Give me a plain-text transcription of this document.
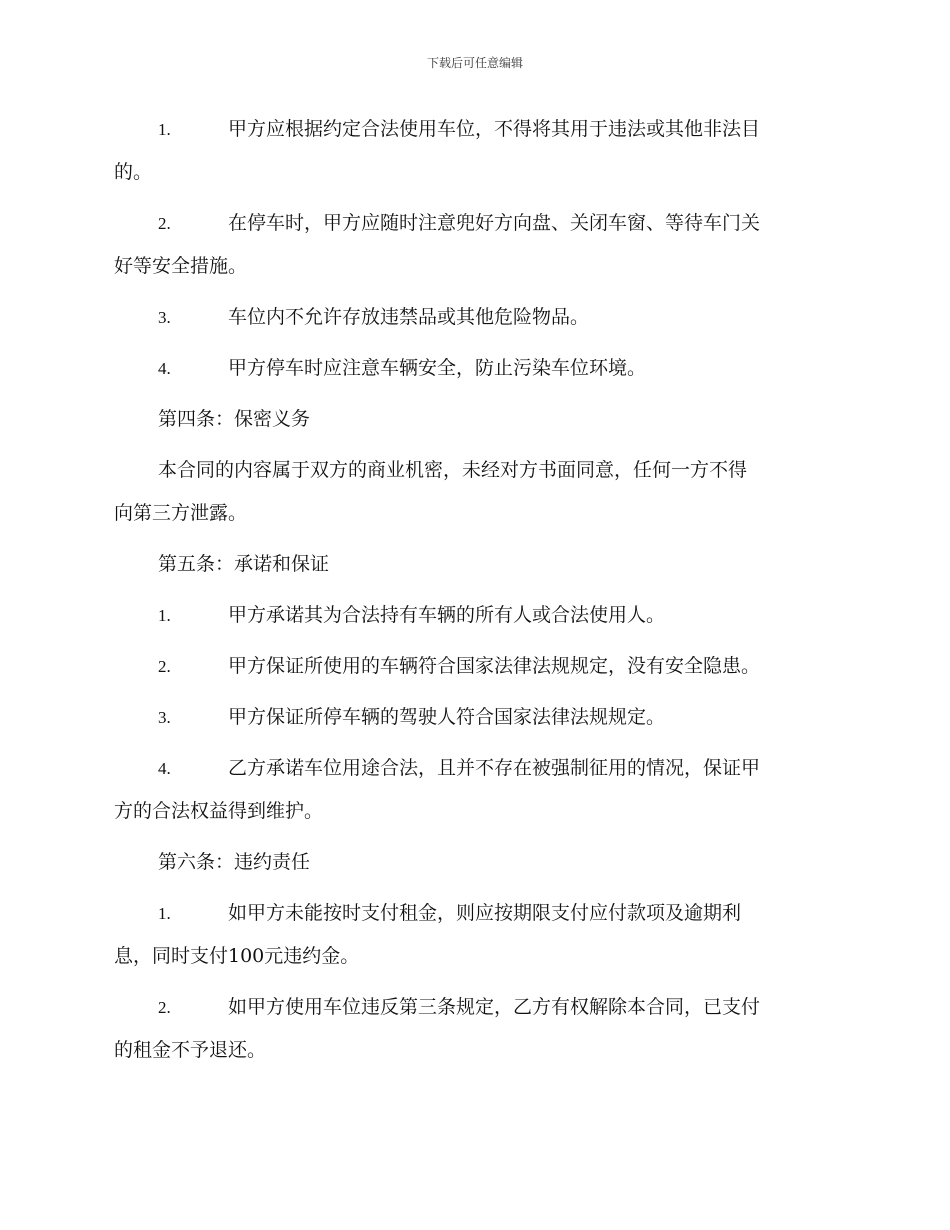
下载后可任意编辑
1.	甲方应根据约定合法使用车位，不得将其用于违法或其他非法目
的。
2.	在停车时，甲方应随时注意兜好方向盘、关闭车窗、等待车门关
好等安全措施。
3.	车位内不允许存放违禁品或其他危险物品。
4.	甲方停车时应注意车辆安全，防止污染车位环境。
第四条：保密义务
本合同的内容属于双方的商业机密，未经对方书面同意，任何一方不得
向第三方泄露。
第五条：承诺和保证
1.	甲方承诺其为合法持有车辆的所有人或合法使用人。
2.	甲方保证所使用的车辆符合国家法律法规规定，没有安全隐患。
3.	甲方保证所停车辆的驾驶人符合国家法律法规规定。
4.	乙方承诺车位用途合法，且并不存在被强制征用的情况，保证甲
方的合法权益得到维护。
第六条：违约责任
1.	如甲方未能按时支付租金，则应按期限支付应付款项及逾期利
息，同时支付100元违约金。
2.	如甲方使用车位违反第三条规定，乙方有权解除本合同，已支付
的租金不予退还。
